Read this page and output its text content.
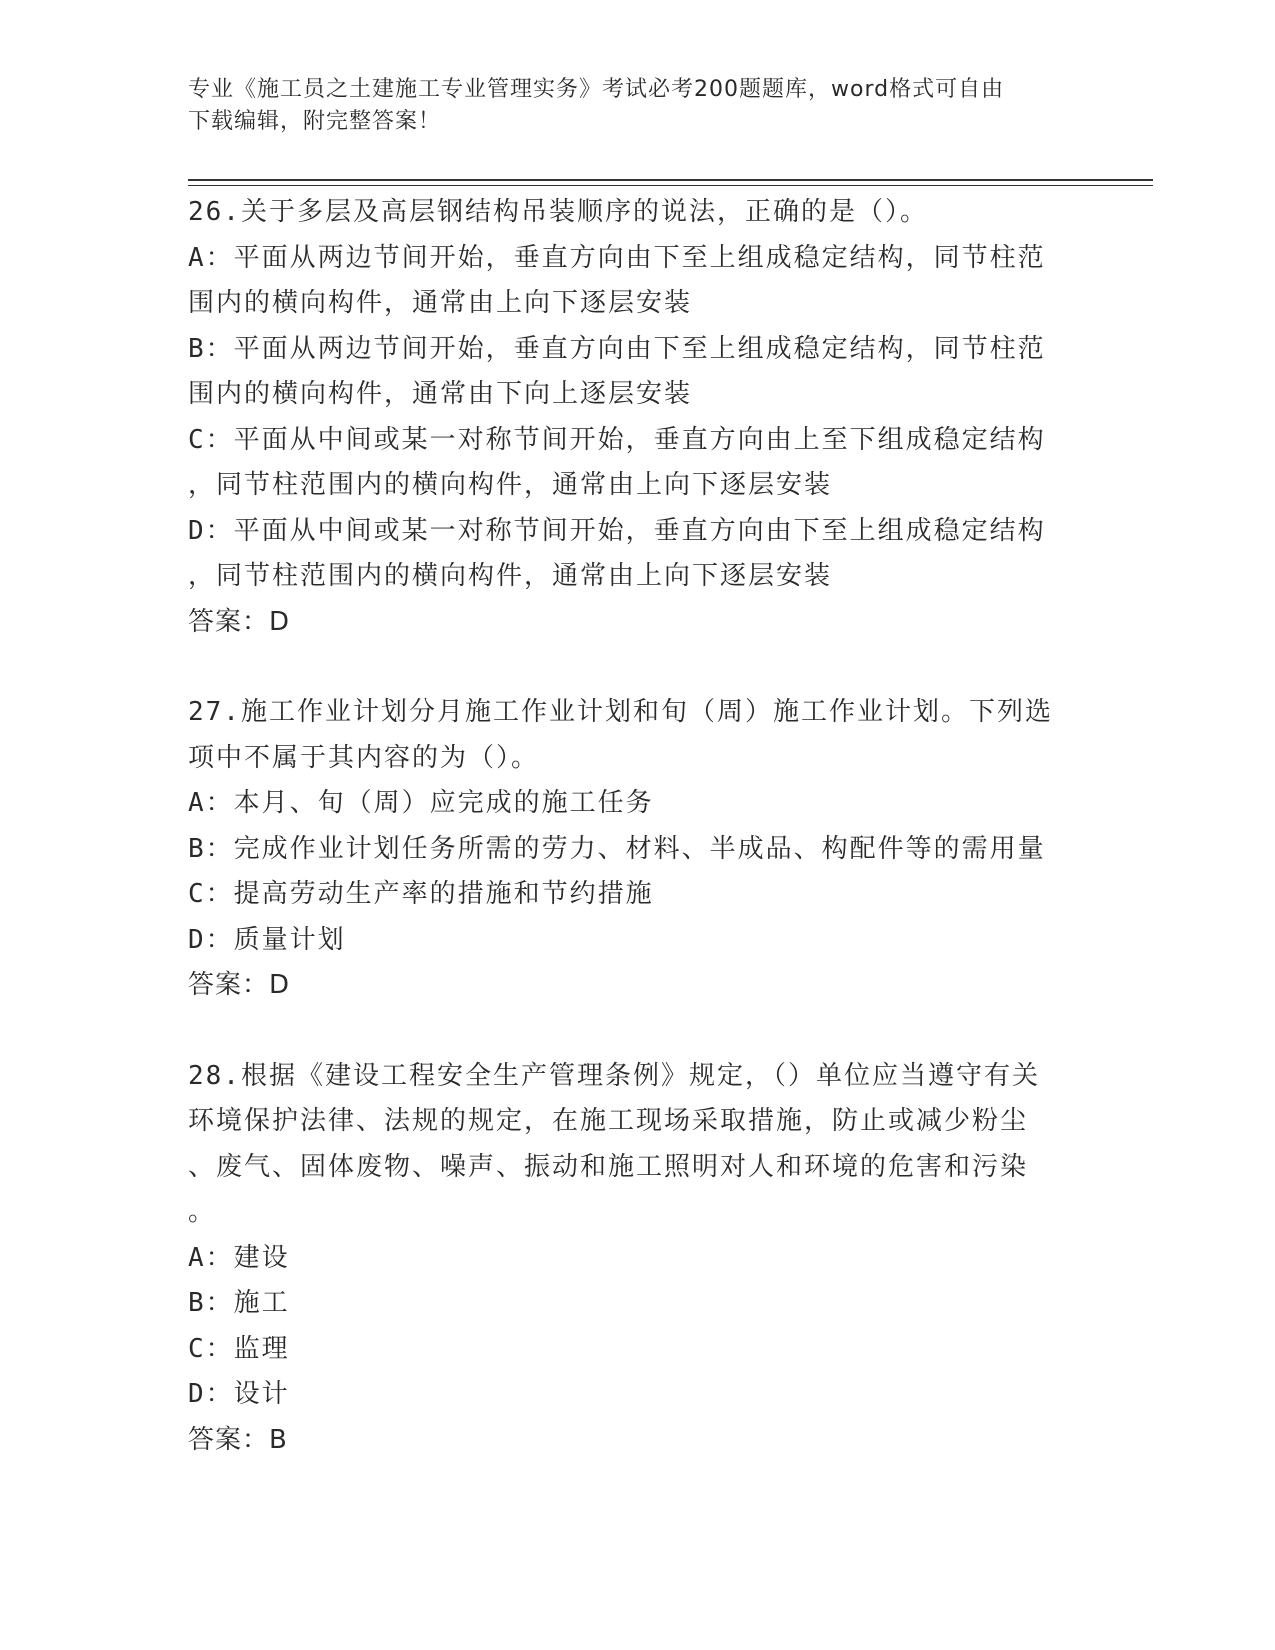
专业《施工员之土建施工专业管理实务》考试必考200题题库，word格式可自由
下载编辑，附完整答案！
26.关于多层及高层钢结构吊装顺序的说法，正确的是（）。
A：平面从两边节间开始，垂直方向由下至上组成稳定结构，同节柱范
围内的横向构件，通常由上向下逐层安装
B：平面从两边节间开始，垂直方向由下至上组成稳定结构，同节柱范
围内的横向构件，通常由下向上逐层安装
C：平面从中间或某一对称节间开始，垂直方向由上至下组成稳定结构
，同节柱范围内的横向构件，通常由上向下逐层安装
D：平面从中间或某一对称节间开始，垂直方向由下至上组成稳定结构
，同节柱范围内的横向构件，通常由上向下逐层安装
答案：D
27.施工作业计划分月施工作业计划和旬（周）施工作业计划。下列选
项中不属于其内容的为（）。
A：本月、旬（周）应完成的施工任务
B：完成作业计划任务所需的劳力、材料、半成品、构配件等的需用量
C：提高劳动生产率的措施和节约措施
D：质量计划
答案：D
28.根据《建设工程安全生产管理条例》规定，（）单位应当遵守有关
环境保护法律、法规的规定，在施工现场采取措施，防止或减少粉尘
、废气、固体废物、噪声、振动和施工照明对人和环境的危害和污染
。
A：建设
B：施工
C：监理
D：设计
答案：B
